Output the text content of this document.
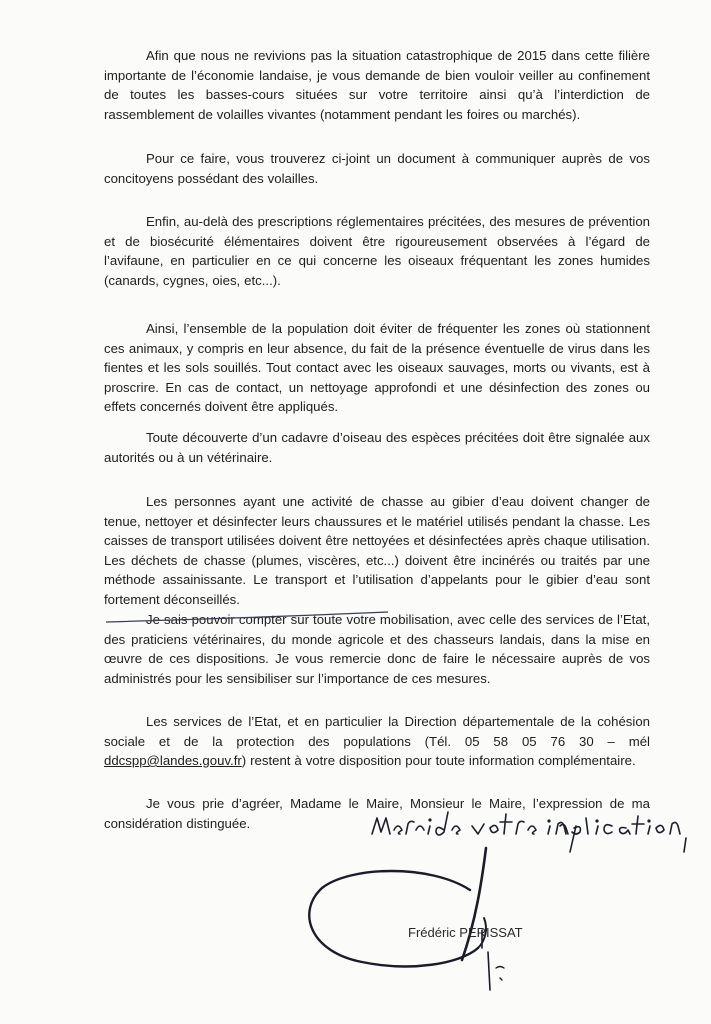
Afin que nous ne revivions pas la situation catastrophique de 2015 dans cette filière importante de l’économie landaise, je vous demande de bien vouloir veiller au confinement de toutes les basses-cours situées sur votre territoire ainsi qu’à l’interdiction de rassemblement de volailles vivantes (notamment pendant les foires ou marchés).

Pour ce faire, vous trouverez ci-joint un document à communiquer auprès de vos concitoyens possédant des volailles.

Enfin, au-delà des prescriptions réglementaires précitées, des mesures de prévention et de biosécurité élémentaires doivent être rigoureusement observées à l’égard de l’avifaune, en particulier en ce qui concerne les oiseaux fréquentant les zones humides (canards, cygnes, oies, etc...).

Ainsi, l’ensemble de la population doit éviter de fréquenter les zones où stationnent ces animaux, y compris en leur absence, du fait de la présence éventuelle de virus dans les fientes et les sols souillés. Tout contact avec les oiseaux sauvages, morts ou vivants, est à proscrire. En cas de contact, un nettoyage approfondi et une désinfection des zones ou effets concernés doivent être appliqués.

Toute découverte d’un cadavre d’oiseau des espèces précitées doit être signalée aux autorités ou à un vétérinaire.

Les personnes ayant une activité de chasse au gibier d’eau doivent changer de tenue, nettoyer et désinfecter leurs chaussures et le matériel utilisés pendant la chasse. Les caisses de transport utilisées doivent être nettoyées et désinfectées après chaque utilisation. Les déchets de chasse (plumes, viscères, etc...) doivent être incinérés ou traités par une méthode assainissante. Le transport et l’utilisation d’appelants pour le gibier d’eau sont fortement déconseillés.

Je sais pouvoir compter sur toute votre mobilisation, avec celle des services de l’Etat, des praticiens vétérinaires, du monde agricole et des chasseurs landais, dans la mise en œuvre de ces dispositions. Je vous remercie donc de faire le nécessaire auprès de vos administrés pour les sensibiliser sur l’importance de ces mesures.

Les services de l’Etat, et en particulier la Direction départementale de la cohésion sociale et de la protection des populations (Tél. 05 58 05 76 30 – mél ddcspp@landes.gouv.fr) restent à votre disposition pour toute information complémentaire.

Je vous prie d’agréer, Madame le Maire, Monsieur le Maire, l’expression de ma considération distinguée.

Frédéric PERISSAT
